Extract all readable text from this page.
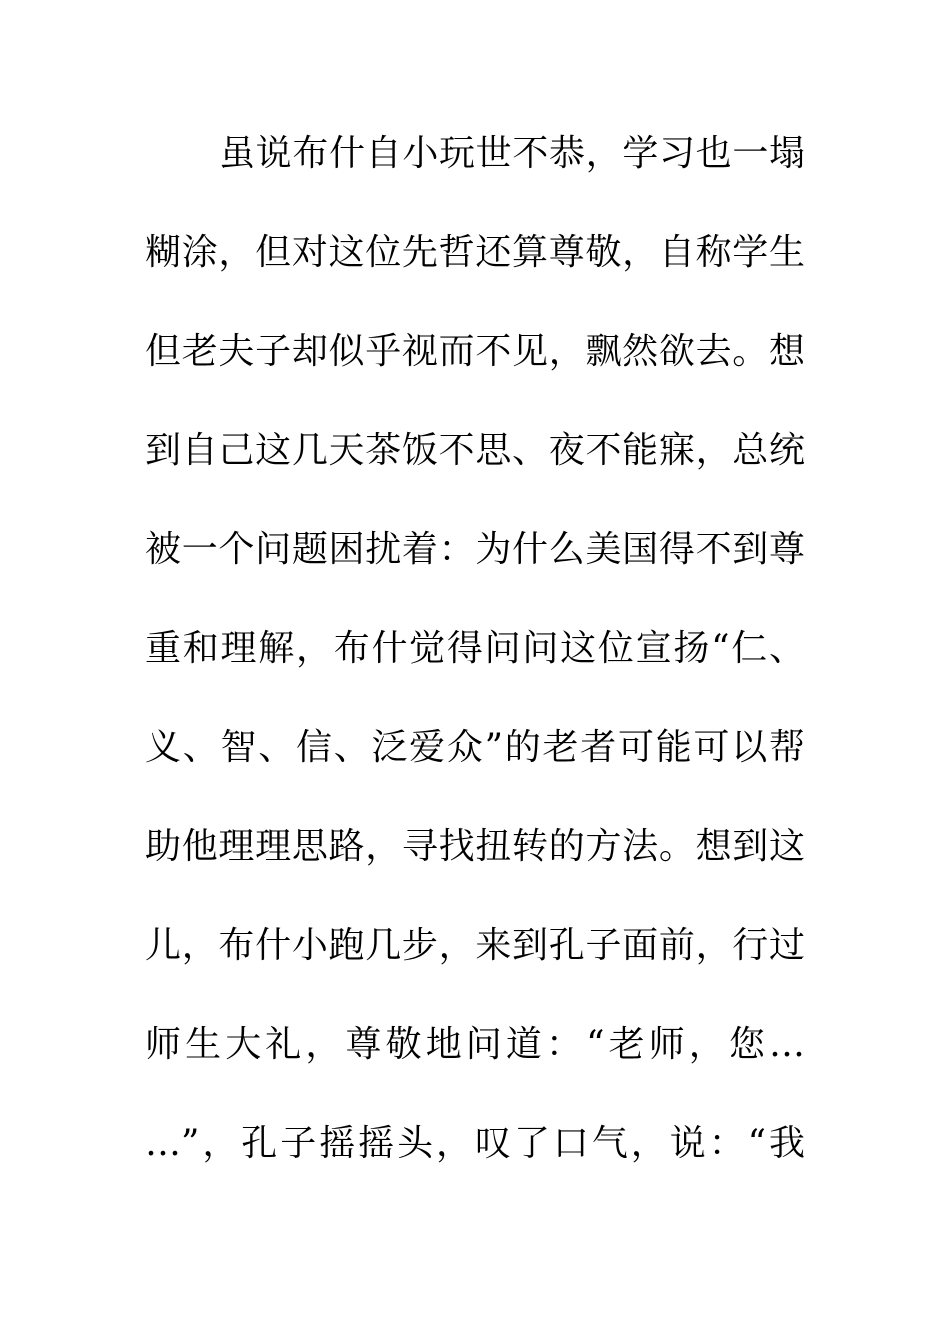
虽说布什自小玩世不恭，学习也一塌
糊涂，但对这位先哲还算尊敬，自称学生
但老夫子却似乎视而不见，飘然欲去。想
到自己这几天茶饭不思、夜不能寐，总统
被一个问题困扰着：为什么美国得不到尊
重和理解，布什觉得问问这位宣扬“仁、
义、智、信、泛爱众”的老者可能可以帮
助他理理思路，寻找扭转的方法。想到这
儿，布什小跑几步，来到孔子面前，行过
师生大礼，尊敬地问道：“老师，您…
…”，孔子摇摇头，叹了口气，说：“我
